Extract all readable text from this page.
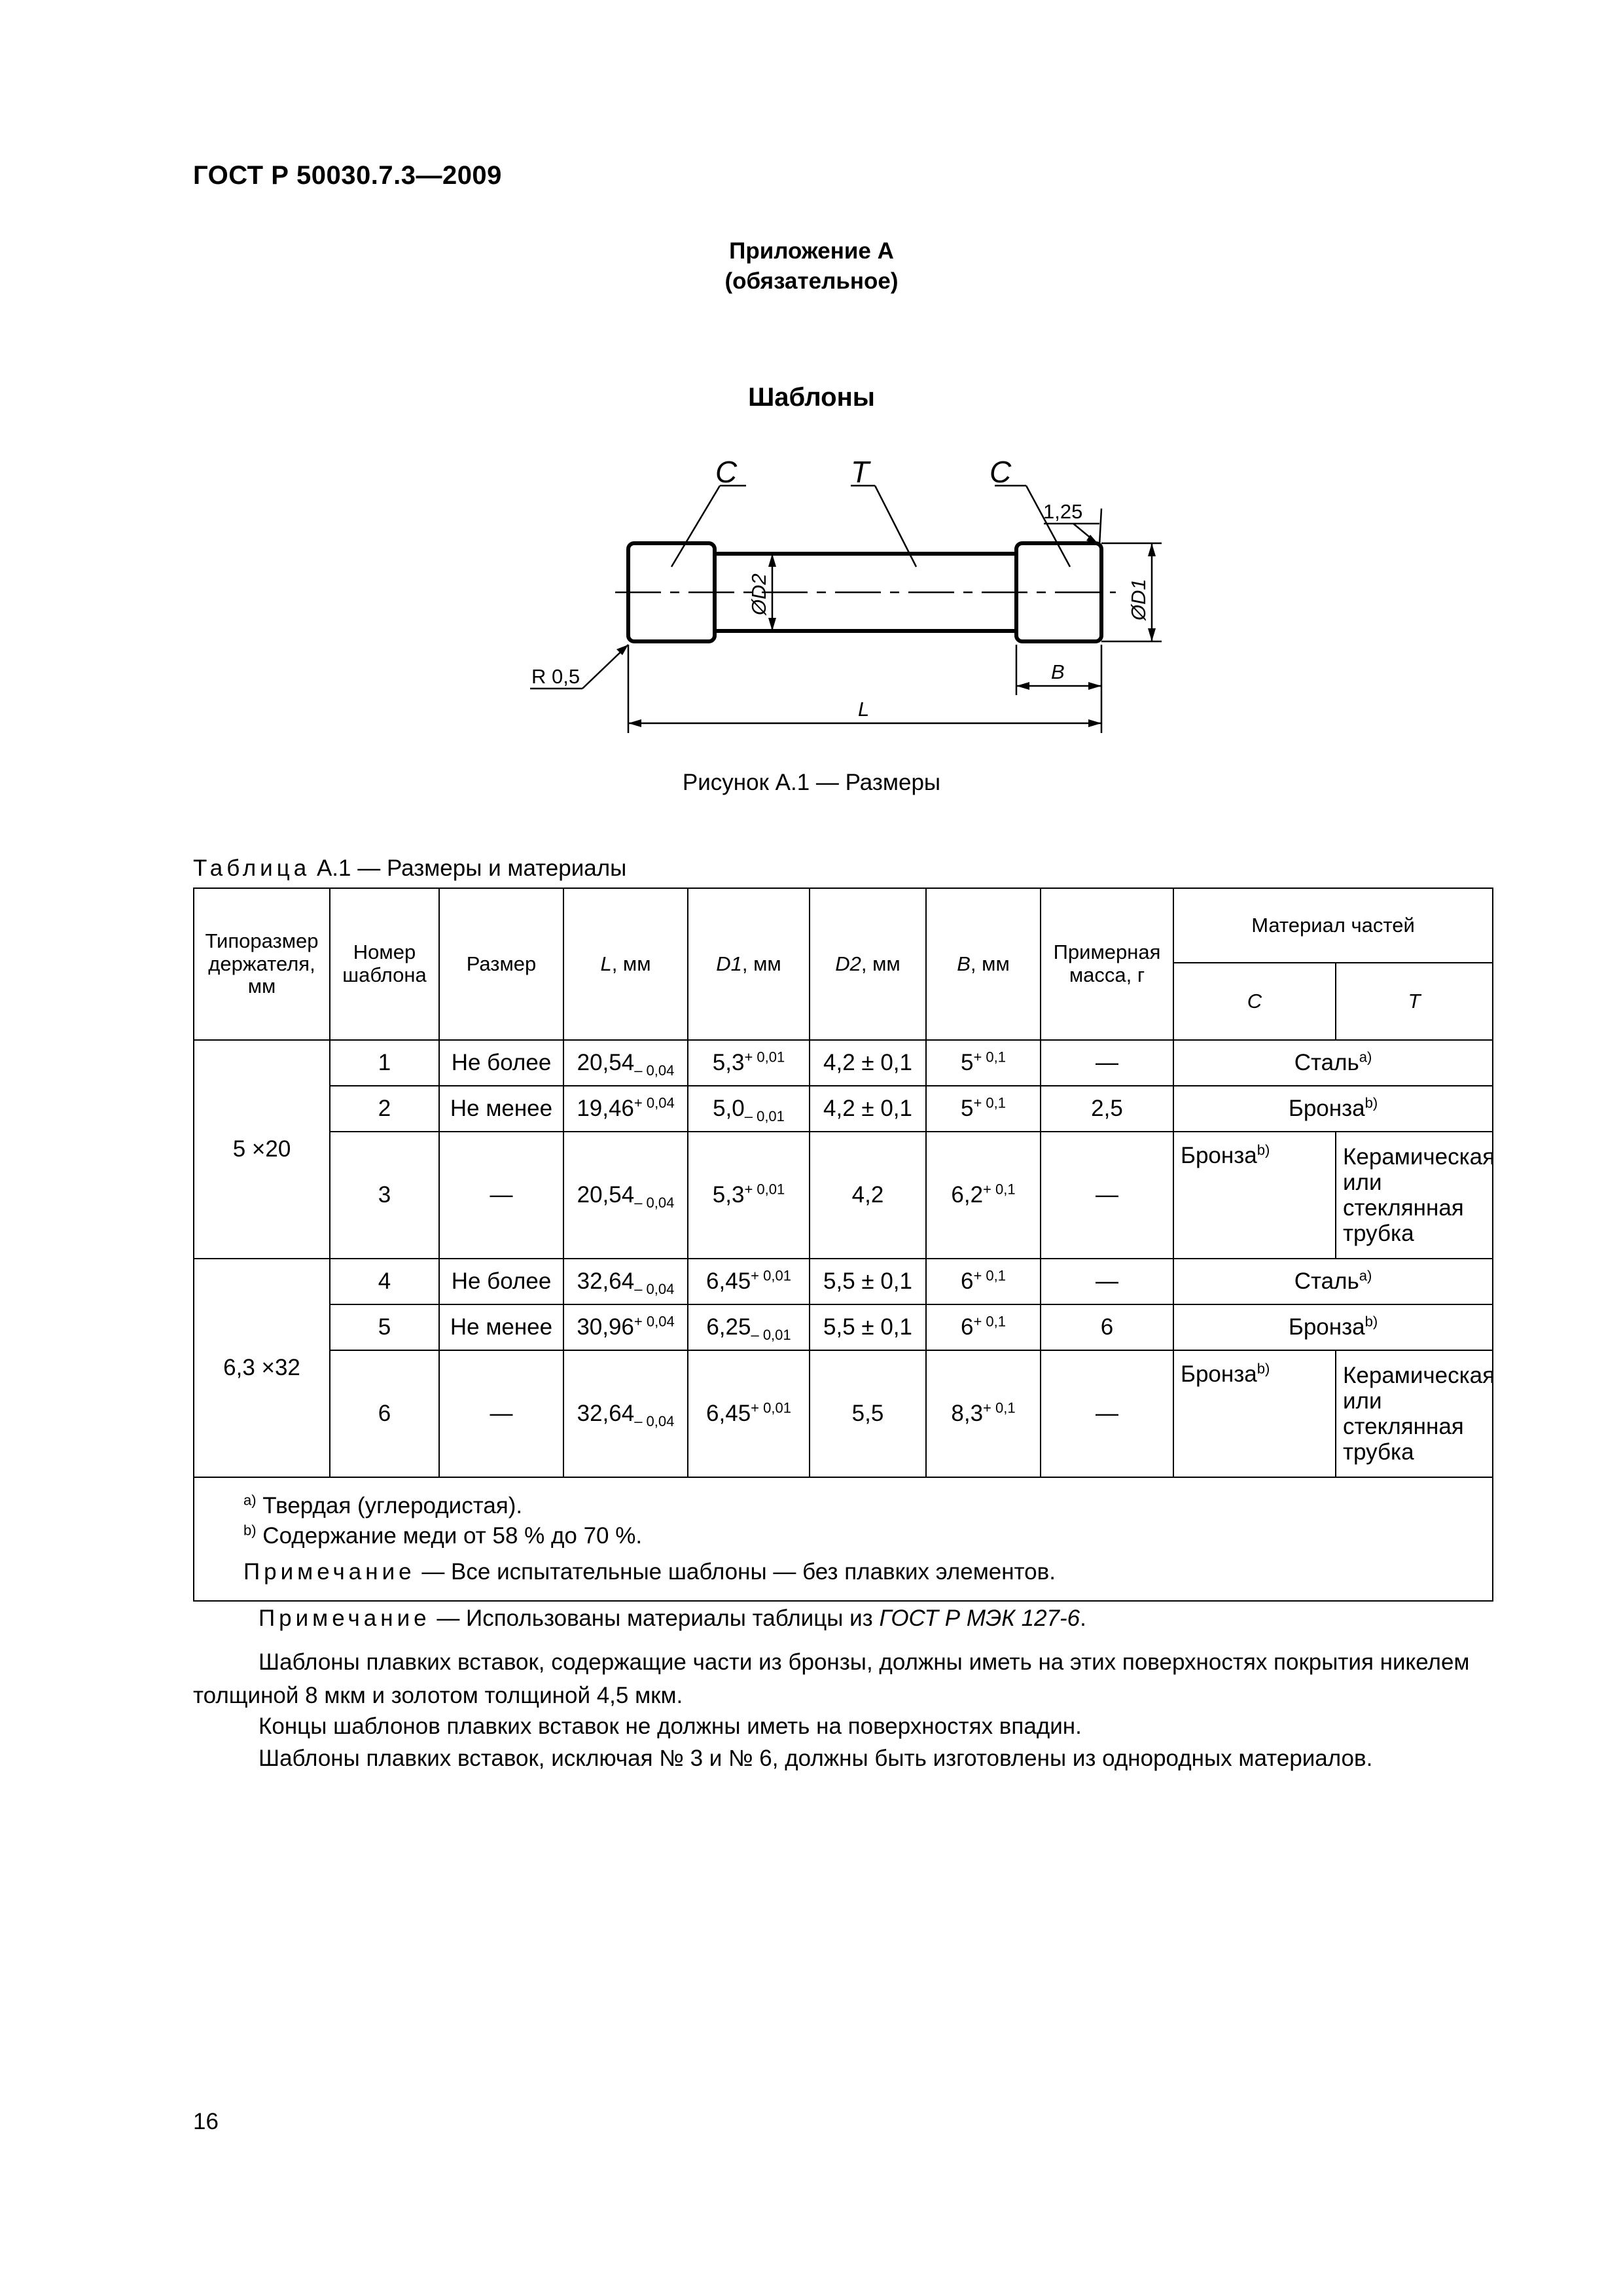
ГОСТ Р 50030.7.3—2009
Приложение А
(обязательное)
Шаблоны
C	T	C
1,25
ØD2	ØD1
R 0,5	B
L
Рисунок А.1 — Размеры
Таблица А.1 — Размеры и материалы
Типоразмер держателя, мм	Номер шаблона	Размер	L, мм	D1, мм	D2, мм	B, мм	Примерная масса, г	Материал частей	
								C	T
5 ×20	1	Не более	$20,54_{- 0,04}$	$5,3^{+ 0,01}$	4,2 ± 0,1	$5^{+ 0,1}$	—	Сталь$^{a)}$
	2	Не менее	$19,46^{+ 0,04}$	$5,0_{- 0,01}$	4,2 ± 0,1	$5^{+ 0,1}$	2,5	Бронза$^{b)}$
	3	—	$20,54_{- 0,04}$	$5,3^{+ 0,01}$	4,2	$6,2^{+ 0,1}$	—	Бронза$^{b)}$	Керамическая или стеклянная трубка
6,3 ×32	4	Не более	$32,64_{- 0,04}$	$6,45^{+ 0,01}$	5,5 ± 0,1	$6^{+ 0,1}$	—	Сталь$^{a)}$
	5	Не менее	$30,96^{+ 0,04}$	$6,25_{- 0,01}$	5,5 ± 0,1	$6^{+ 0,1}$	6	Бронза$^{b)}$
	6	—	$32,64_{- 0,04}$	$6,45^{+ 0,01}$	5,5	$8,3^{+ 0,1}$	—	Бронза$^{b)}$	Керамическая или стеклянная трубка

$^{a)}$ Твердая (углеродистая).
$^{b)}$ Содержание меди от 58 % до 70 %.
Примечание — Все испытательные шаблоны — без плавких элементов.									
Примечание — Использованы материалы таблицы из ГОСТ Р МЭК 127-6.
Шаблоны плавких вставок, содержащие части из бронзы, должны иметь на этих поверхностях покрытия никелем толщиной 8 мкм и золотом толщиной 4,5 мкм.
Концы шаблонов плавких вставок не должны иметь на поверхностях впадин.
Шаблоны плавких вставок, исключая № 3 и № 6, должны быть изготовлены из однородных материалов.
16
